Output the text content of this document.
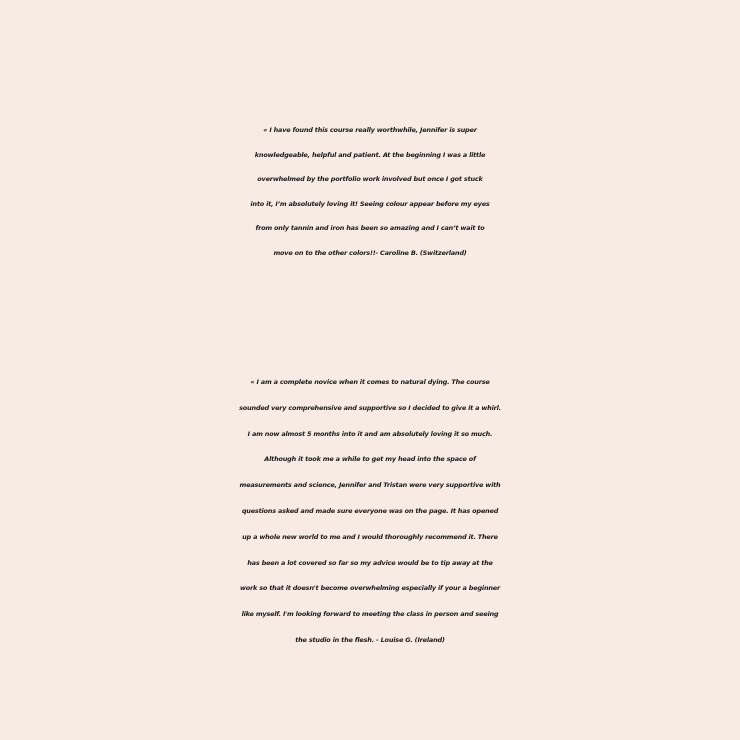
« I have found this course really worthwhile, Jennifer is super
knowledgeable, helpful and patient. At the beginning I was a little
overwhelmed by the portfolio work involved but once I got stuck
into it, I’m absolutely loving it! Seeing colour appear before my eyes
from only tannin and iron has been so amazing and I can’t wait to
move on to the other colors!!- Caroline B. (Switzerland)
« I am a complete novice when it comes to natural dying. The course
sounded very comprehensive and supportive so I decided to give it a whirl.
I am now almost 5 months into it and am absolutely loving it so much.
Although it took me a while to get my head into the space of
measurements and science, Jennifer and Tristan were very supportive with
questions asked and made sure everyone was on the page. It has opened
up a whole new world to me and I would thoroughly recommend it. There
has been a lot covered so far so my advice would be to tip away at the
work so that it doesn't become overwhelming especially if your a beginner
like myself. I'm looking forward to meeting the class in person and seeing
the studio in the flesh. - Louise G. (Ireland)
